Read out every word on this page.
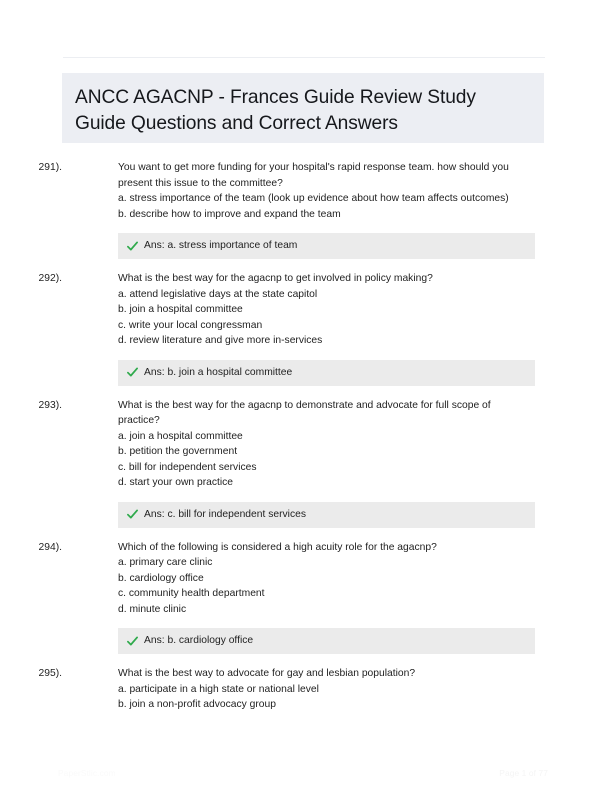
ANCC AGACNP - Frances Guide Review Study Guide Questions and Correct Answers
291).	You want to get more funding for your hospital's rapid response team. how should you present this issue to the committee?

a. stress importance of the team (look up evidence about how team affects outcomes)

b. describe how to improve and expand the team

Ans: a. stress importance of team
292).	What is the best way for the agacnp to get involved in policy making?

a. attend legislative days at the state capitol

b. join a hospital committee

c. write your local congressman

d. review literature and give more in-services

Ans: b. join a hospital committee
293).	What is the best way for the agacnp to demonstrate and advocate for full scope of practice?

a. join a hospital committee

b. petition the government

c. bill for independent services

d. start your own practice

Ans: c. bill for independent services
294).	Which of the following is considered a high acuity role for the agacnp?

a. primary care clinic

b. cardiology office

c. community health department

d. minute clinic

Ans: b. cardiology office
295).	What is the best way to advocate for gay and lesbian population?

a. participate in a high state or national level

b. join a non-profit advocacy group

PaperStlic.com	Page 1 of 77
